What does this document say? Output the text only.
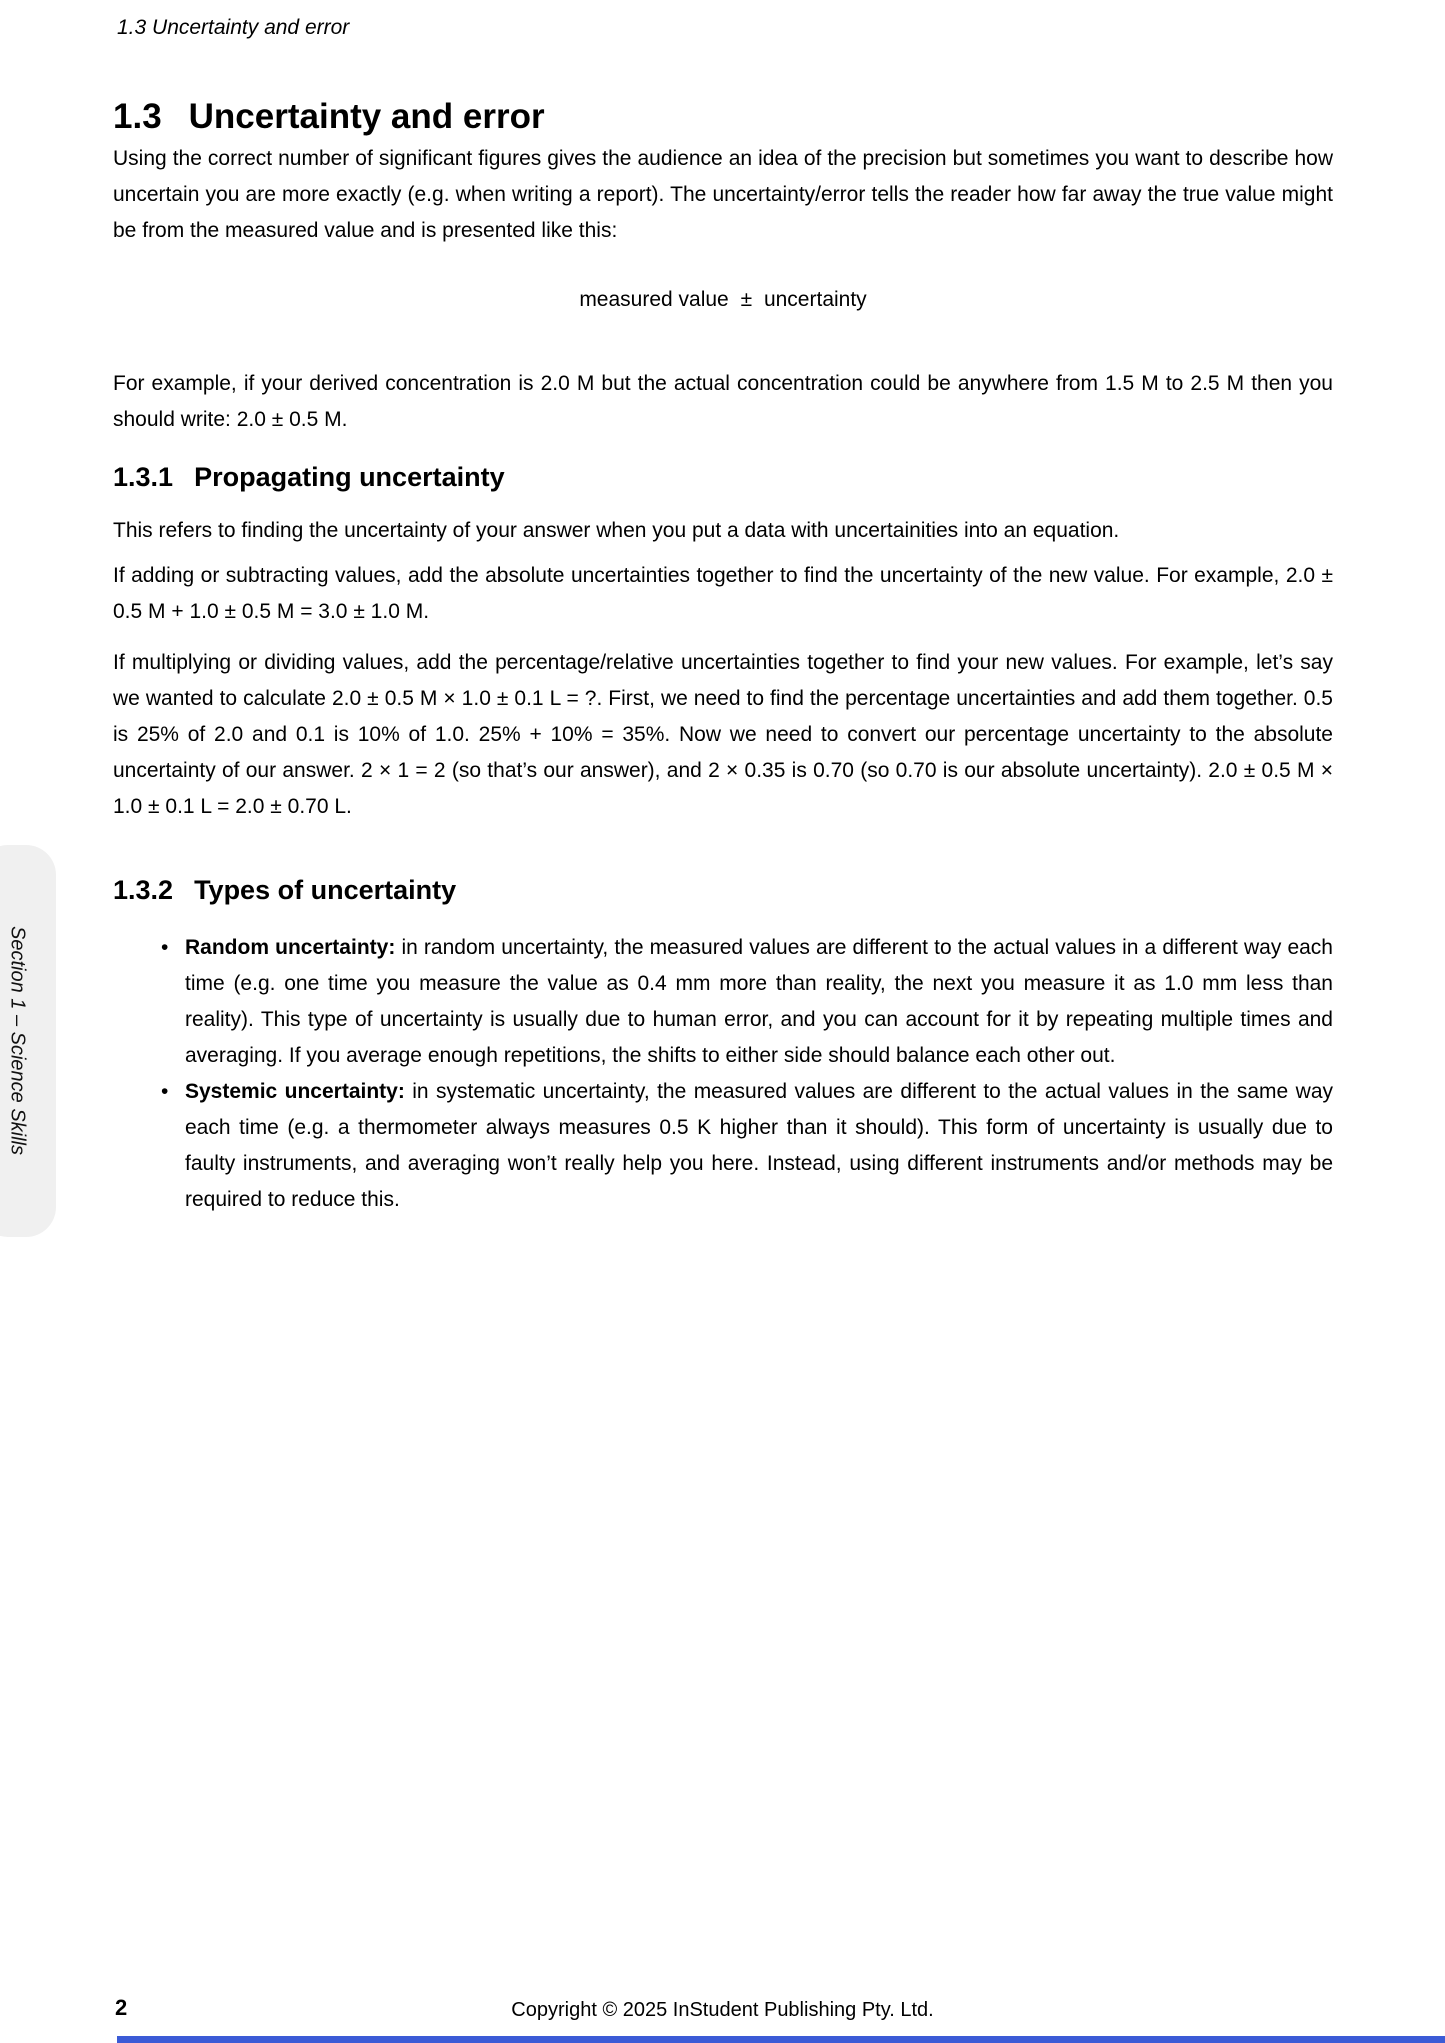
1.3 Uncertainty and error
1.3 Uncertainty and error

Using the correct number of significant figures gives the audience an idea of the precision but sometimes you want to describe how uncertain you are more exactly (e.g. when writing a report). The uncertainty/error tells the reader how far away the true value might be from the measured value and is presented like this:

measured value ± uncertainty

For example, if your derived concentration is 2.0 M but the actual concentration could be anywhere from 1.5 M to 2.5 M then you should write: 2.0 ± 0.5 M.

1.3.1 Propagating uncertainty

This refers to finding the uncertainty of your answer when you put a data with uncertainities into an equation.

If adding or subtracting values, add the absolute uncertainties together to find the uncertainty of the new value. For example, 2.0 ± 0.5 M + 1.0 ± 0.5 M = 3.0 ± 1.0 M.

If multiplying or dividing values, add the percentage/relative uncertainties together to find your new values. For example, let’s say we wanted to calculate 2.0 ± 0.5 M × 1.0 ± 0.1 L = ?. First, we need to find the percentage uncertainties and add them together. 0.5 is 25% of 2.0 and 0.1 is 10% of 1.0. 25% + 10% = 35%. Now we need to convert our percentage uncertainty to the absolute uncertainty of our answer. 2 × 1 = 2 (so that’s our answer), and 2 × 0.35 is 0.70 (so 0.70 is our absolute uncertainty). 2.0 ± 0.5 M × 1.0 ± 0.1 L = 2.0 ± 0.70 L.

1.3.2 Types of uncertainty
• Random uncertainty: in random uncertainty, the measured values are different to the actual values in a different way each time (e.g. one time you measure the value as 0.4 mm more than reality, the next you measure it as 1.0 mm less than reality). This type of uncertainty is usually due to human error, and you can account for it by repeating multiple times and averaging. If you average enough repetitions, the shifts to either side should balance each other out.
• Systemic uncertainty: in systematic uncertainty, the measured values are different to the actual values in the same way each time (e.g. a thermometer always measures 0.5 K higher than it should). This form of uncertainty is usually due to faulty instruments, and averaging won’t really help you here. Instead, using different instruments and/or methods may be required to reduce this.
Section 1 – Science Skills
2	Copyright © 2025 InStudent Publishing Pty. Ltd.
